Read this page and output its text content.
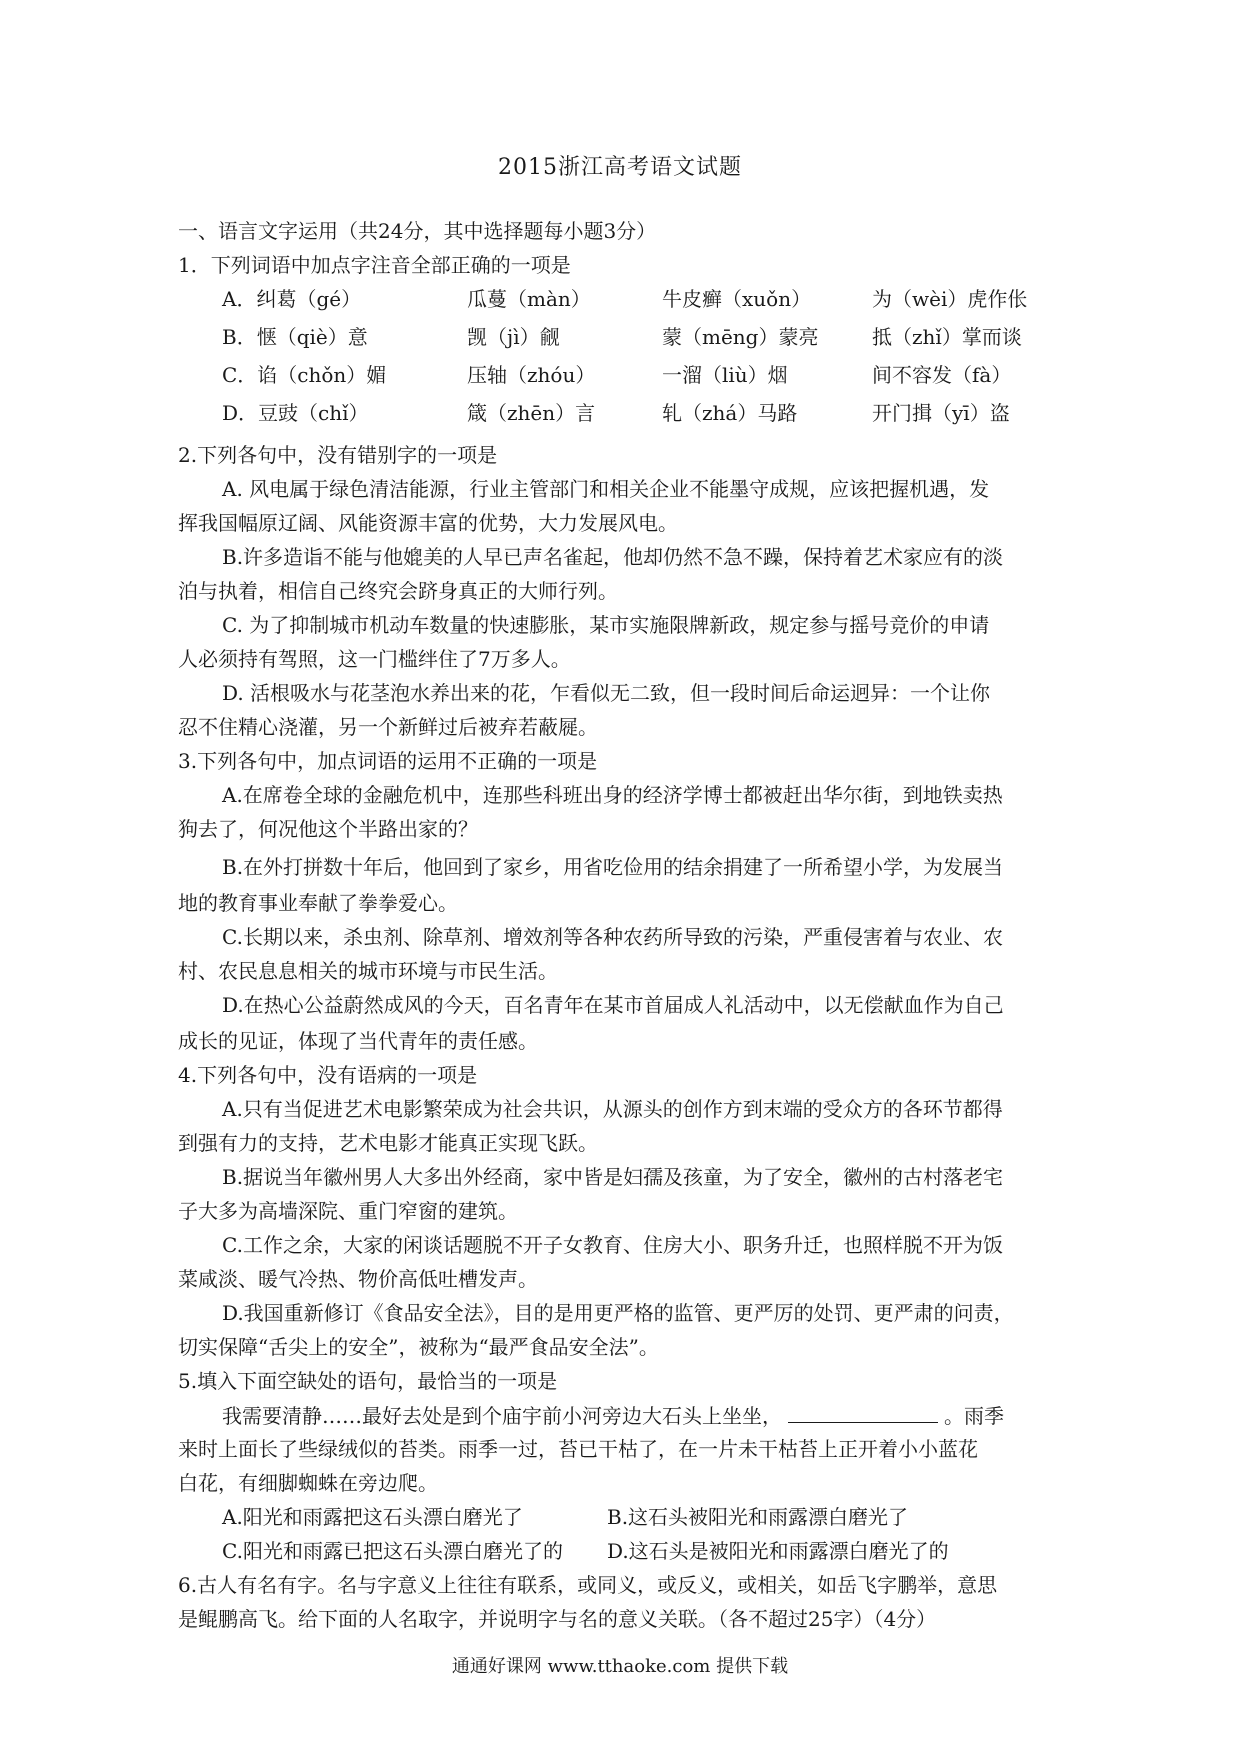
2015浙江高考语文试题
一、语言文字运用（共24分，其中选择题每小题3分）
1．下列词语中加点字注音全部正确的一项是
A．纠葛（gé）	瓜蔓（màn）	牛皮癣（xuǒn）	为（wèi）虎作伥
B．惬（qiè）意	觊（jì）觎	蒙（mēng）蒙亮	抵（zhǐ）掌而谈
C．谄（chǒn）媚	压轴（zhóu）	一溜（liù）烟	间不容发（fà）
D．豆豉（chǐ）	箴（zhēn）言	轧（zhá）马路	开门揖（yī）盗
2.下列各句中，没有错别字的一项是
A. 风电属于绿色清洁能源，行业主管部门和相关企业不能墨守成规，应该把握机遇，发
挥我国幅原辽阔、风能资源丰富的优势，大力发展风电。
B.许多造诣不能与他媲美的人早已声名雀起，他却仍然不急不躁，保持着艺术家应有的淡
泊与执着，相信自己终究会跻身真正的大师行列。
C. 为了抑制城市机动车数量的快速膨胀，某市实施限牌新政，规定参与摇号竞价的申请
人必须持有驾照，这一门槛绊住了7万多人。
D. 活根吸水与花茎泡水养出来的花，乍看似无二致，但一段时间后命运迥异：一个让你
忍不住精心浇灌，另一个新鲜过后被弃若蔽屣。
3.下列各句中，加点词语的运用不正确的一项是
A.在席卷全球的金融危机中，连那些科班出身的经济学博士都被赶出华尔街，到地铁卖热
狗去了，何况他这个半路出家的？
B.在外打拼数十年后，他回到了家乡，用省吃俭用的结余捐建了一所希望小学，为发展当
地的教育事业奉献了拳拳爱心。
C.长期以来，杀虫剂、除草剂、增效剂等各种农药所导致的污染，严重侵害着与农业、农
村、农民息息相关的城市环境与市民生活。
D.在热心公益蔚然成风的今天，百名青年在某市首届成人礼活动中，以无偿献血作为自己
成长的见证，体现了当代青年的责任感。
4.下列各句中，没有语病的一项是
A.只有当促进艺术电影繁荣成为社会共识，从源头的创作方到末端的受众方的各环节都得
到强有力的支持，艺术电影才能真正实现飞跃。
B.据说当年徽州男人大多出外经商，家中皆是妇孺及孩童，为了安全，徽州的古村落老宅
子大多为高墙深院、重门窄窗的建筑。
C.工作之余，大家的闲谈话题脱不开子女教育、住房大小、职务升迁，也照样脱不开为饭
菜咸淡、暖气冷热、物价高低吐槽发声。
D.我国重新修订《食品安全法》，目的是用更严格的监管、更严厉的处罚、更严肃的问责，
切实保障“舌尖上的安全”，被称为“最严食品安全法”。
5.填入下面空缺处的语句，最恰当的一项是
我需要清静……最好去处是到个庙宇前小河旁边大石头上坐坐，	。雨季
来时上面长了些绿绒似的苔类。雨季一过，苔已干枯了，在一片未干枯苔上正开着小小蓝花
白花，有细脚蜘蛛在旁边爬。
A.阳光和雨露把这石头漂白磨光了	B.这石头被阳光和雨露漂白磨光了
C.阳光和雨露已把这石头漂白磨光了的 D.这石头是被阳光和雨露漂白磨光了的
6.古人有名有字。名与字意义上往往有联系，或同义，或反义，或相关，如岳飞字鹏举，意思
是鲲鹏高飞。给下面的人名取字，并说明字与名的意义关联。（各不超过25字）（4分）
通通好课网 www.tthaoke.com 提供下载
